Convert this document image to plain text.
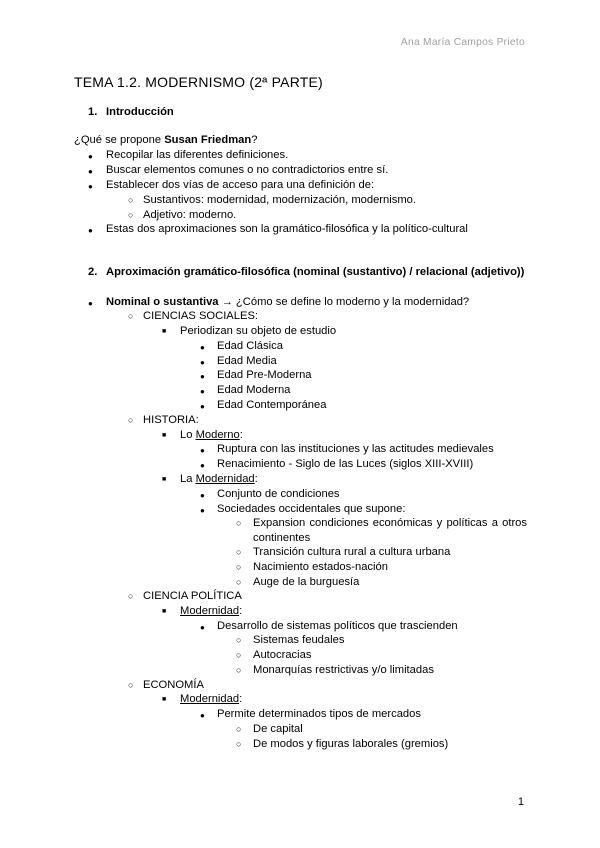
Ana María Campos Prieto
TEMA 1.2. MODERNISMO (2ª PARTE)
1. Introducción
¿Qué se propone Susan Friedman?
● Recopilar las diferentes definiciones.
● Buscar elementos comunes o no contradictorios entre sí.
● Establecer dos vías de acceso para una definición de:
○ Sustantivos: modernidad, modernización, modernismo.
○ Adjetivo: moderno.
● Estas dos aproximaciones son la gramático-filosófica y la político-cultural
2. Aproximación gramático-filosófica (nominal (sustantivo) / relacional (adjetivo))
● Nominal o sustantiva → ¿Cómo se define lo moderno y la modernidad?
○ CIENCIAS SOCIALES:
■ Periodizan su objeto de estudio
● Edad Clásica
● Edad Media
● Edad Pre-Moderna
● Edad Moderna
● Edad Contemporánea
○ HISTORIA:
■ Lo Moderno:
● Ruptura con las instituciones y las actitudes medievales
● Renacimiento - Siglo de las Luces (siglos XIII-XVIII)
■ La Modernidad:
● Conjunto de condiciones
● Sociedades occidentales que supone:
○ Expansion condiciones económicas y políticas a otros continentes
○ Transición cultura rural a cultura urbana
○ Nacimiento estados-nación
○ Auge de la burguesía
○ CIENCIA POLÍTICA
■ Modernidad:
● Desarrollo de sistemas políticos que trascienden
○ Sistemas feudales
○ Autocracias
○ Monarquías restrictivas y/o limitadas
○ ECONOMÍA
■ Modernidad:
● Permite determinados tipos de mercados
○ De capital
○ De modos y figuras laborales (gremios)
1
